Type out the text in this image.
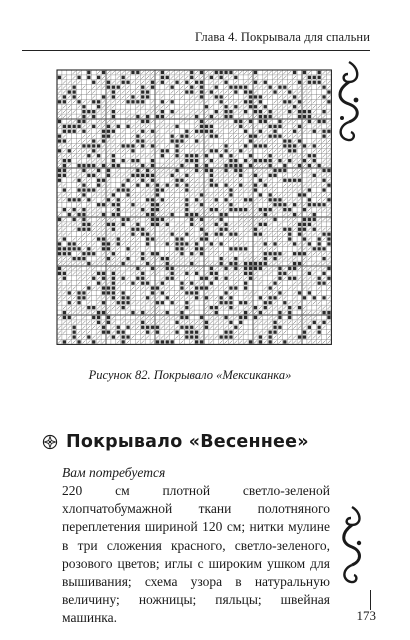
Глава 4. Покрывала для спальни
Рисунок 82. Покрывало «Мексиканка»
Покрывало «Весеннее»
Вам потребуется
220 см плотной светло-зеленой хлопчатобумажной ткани полотняного переплетения шириной 120 см; нитки мулине в три сложения красного, светло-зеленого, розового цветов; иглы с широким ушком для вышивания; схема узора в натуральную величину; ножницы; пяльцы; швейная машинка.	173
